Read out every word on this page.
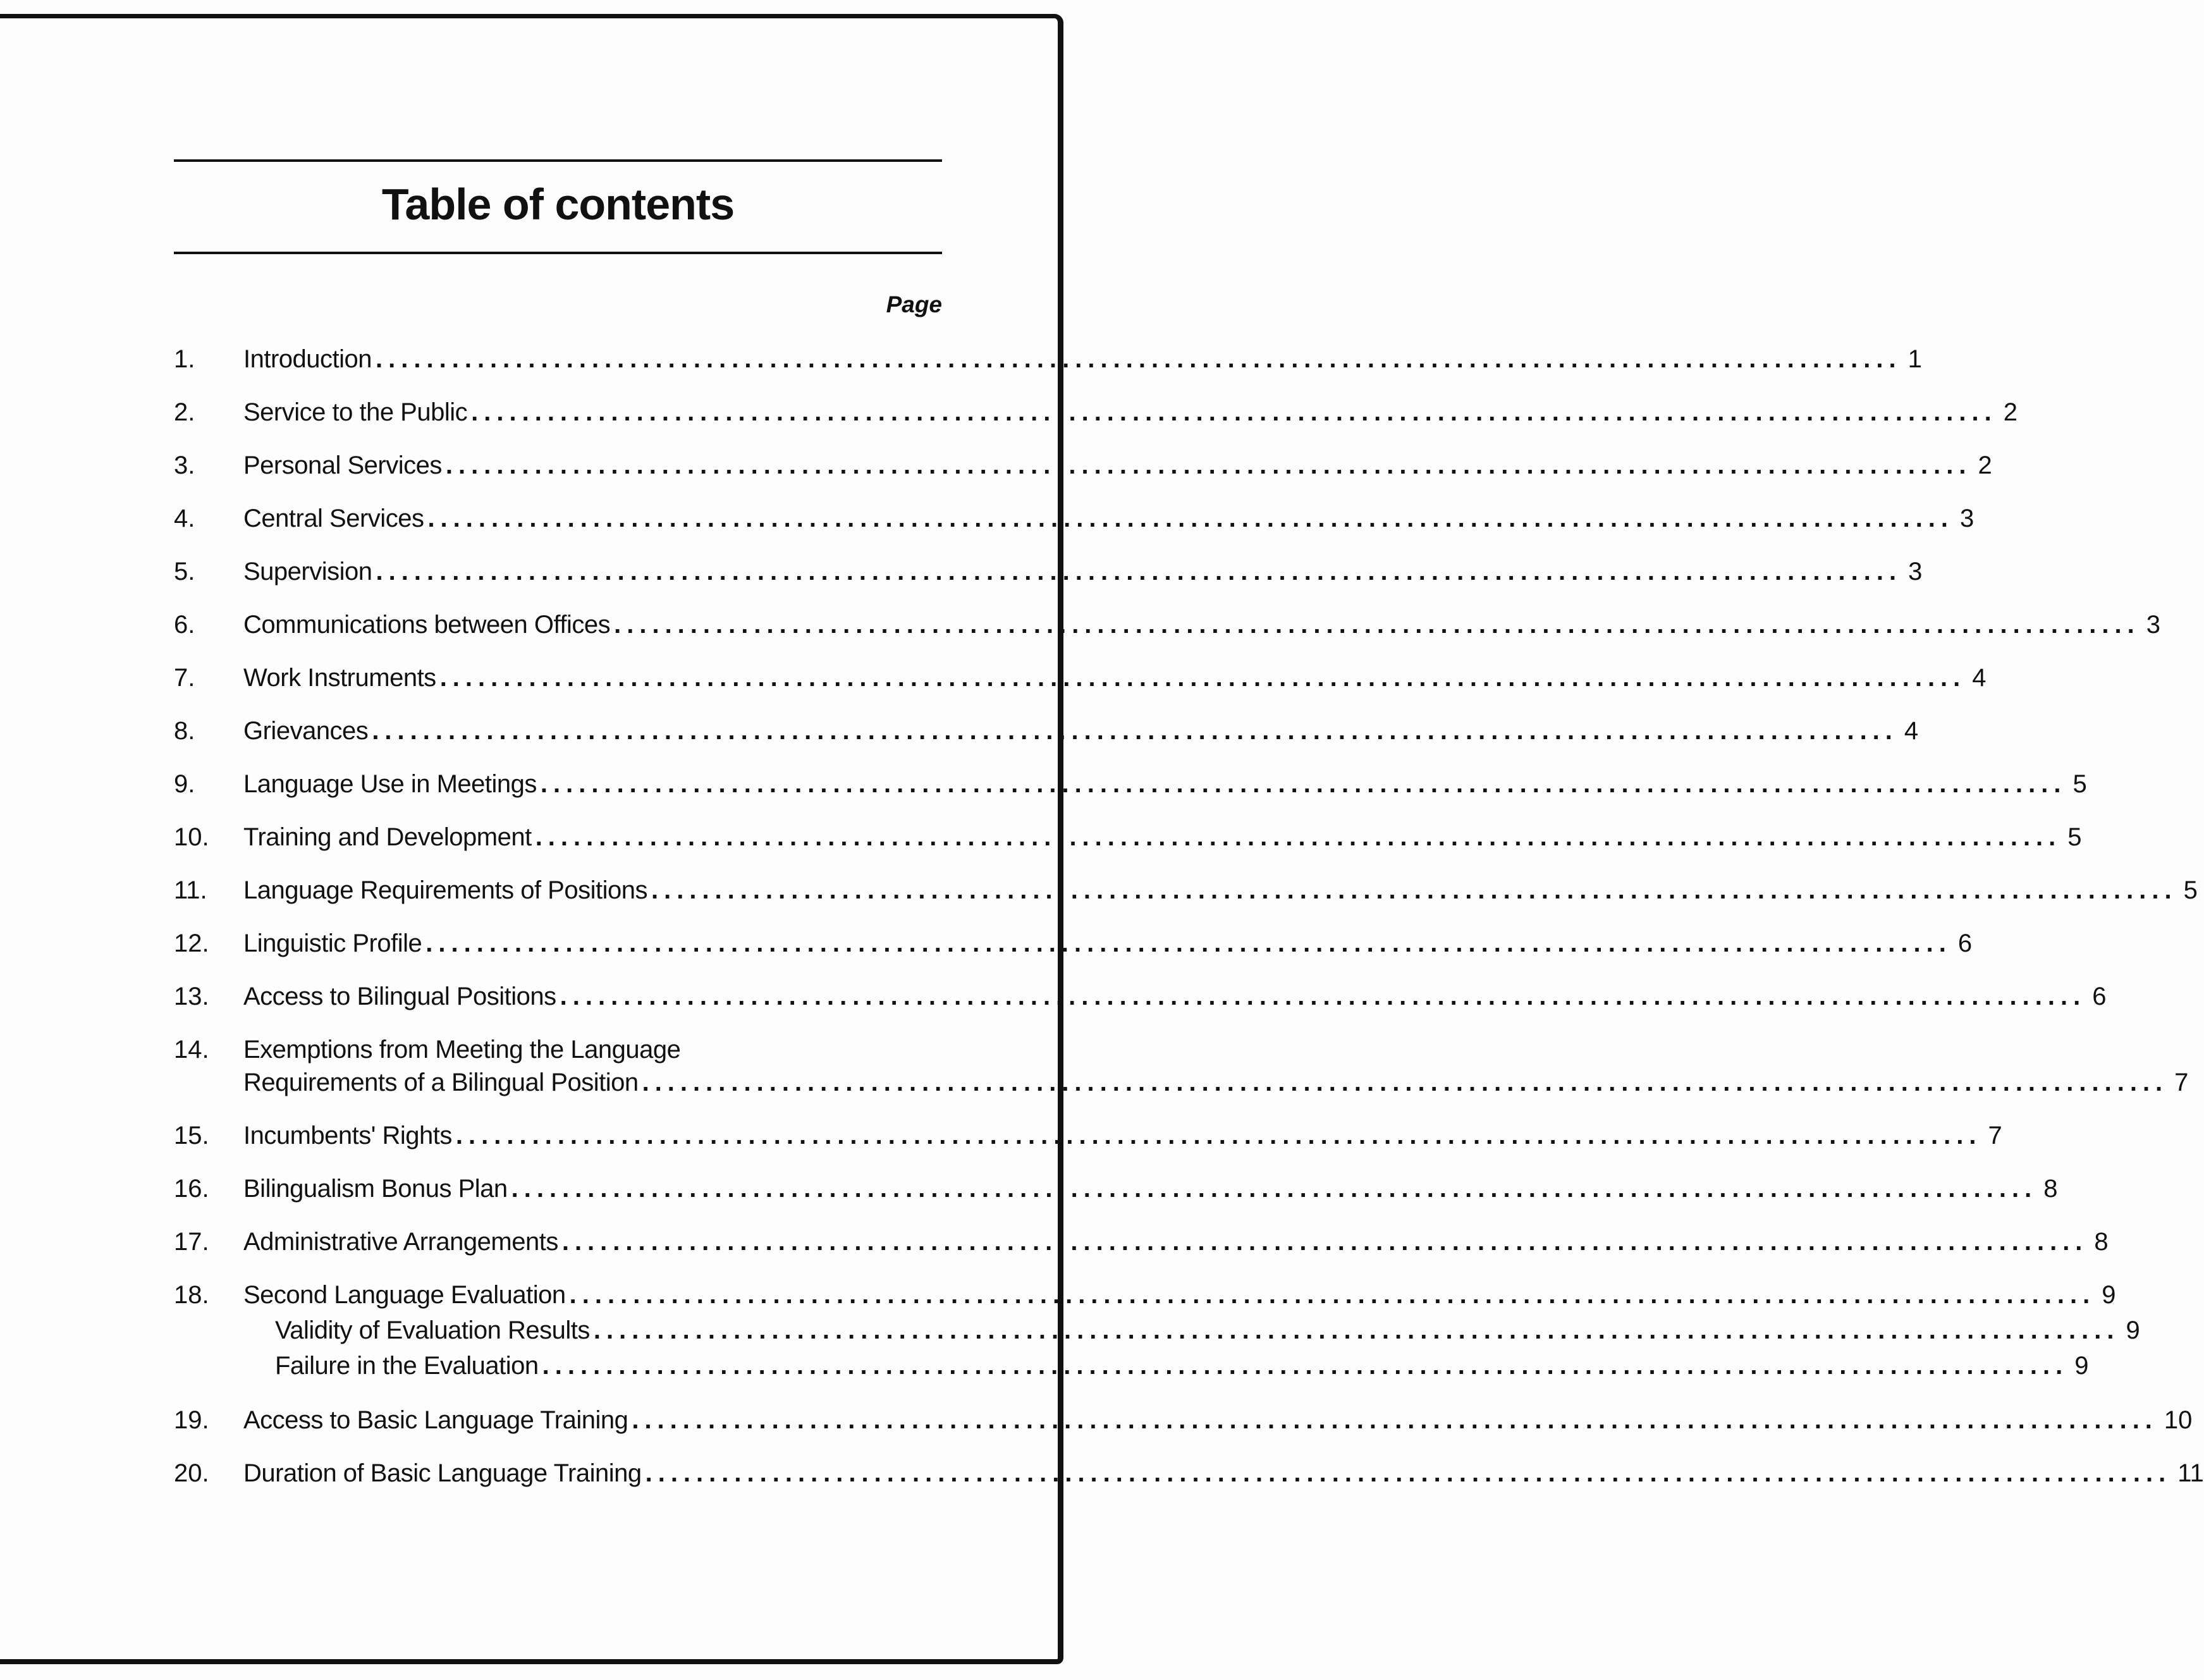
Table of contents
Page
1.	Introduction ........................................................................................................................ 1
2.	Service to the Public ........................................................................................................................ 2
3.	Personal Services ........................................................................................................................ 2
4.	Central Services ........................................................................................................................ 3
5.	Supervision ........................................................................................................................ 3
6.	Communications between Offices ........................................................................................................................ 3
7.	Work Instruments ........................................................................................................................ 4
8.	Grievances ........................................................................................................................ 4
9.	Language Use in Meetings ........................................................................................................................ 5
10.	Training and Development ........................................................................................................................ 5
11.	Language Requirements of Positions ........................................................................................................................ 5
12.	Linguistic Profile ........................................................................................................................ 6
13.	Access to Bilingual Positions ........................................................................................................................ 6
14.	Exemptions from Meeting the Language
Requirements of a Bilingual Position ........................................................................................................................ 7
15.	Incumbents' Rights ........................................................................................................................ 7
16.	Bilingualism Bonus Plan ........................................................................................................................ 8
17.	Administrative Arrangements ........................................................................................................................ 8
18.	Second Language Evaluation ........................................................................................................................ 9
Validity of Evaluation Results ........................................................................................................................ 9
Failure in the Evaluation ........................................................................................................................ 9
19.	Access to Basic Language Training ........................................................................................................................ 10
20.	Duration of Basic Language Training ........................................................................................................................ 11
